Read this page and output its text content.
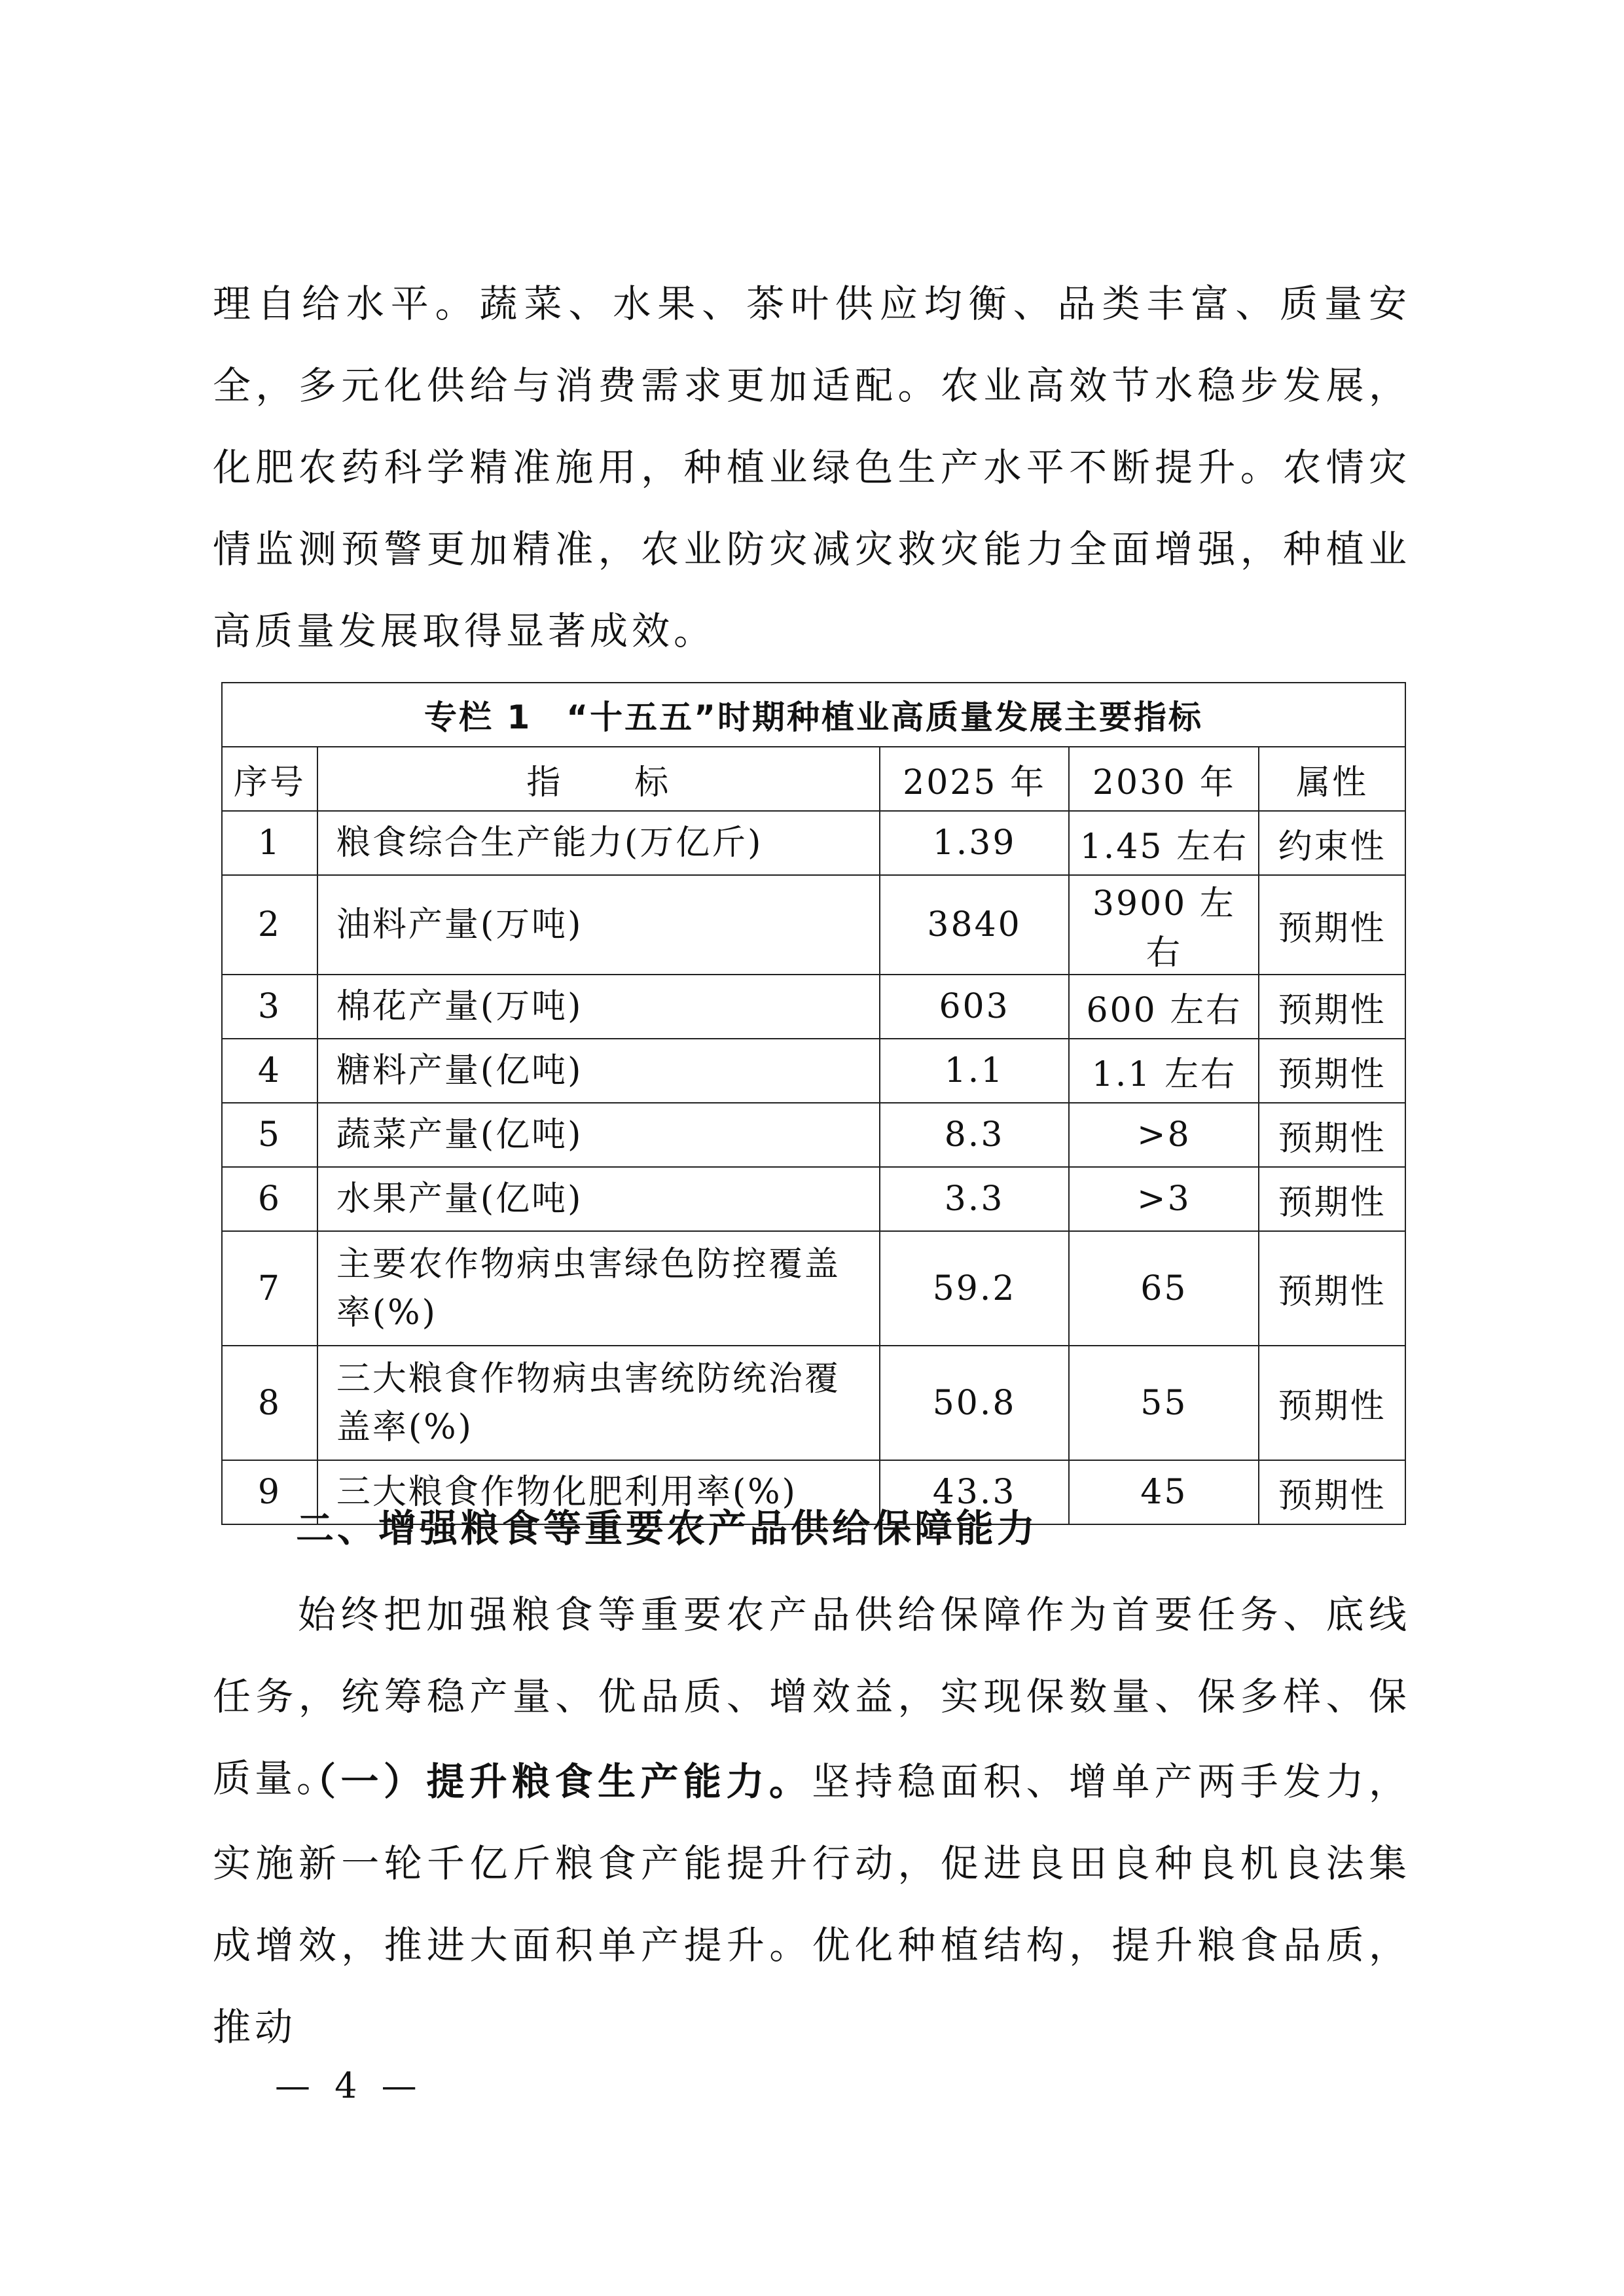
理自给水平。蔬菜、水果、茶叶供应均衡、品类丰富、质量安全，多元化供给与消费需求更加适配。农业高效节水稳步发展，化肥农药科学精准施用，种植业绿色生产水平不断提升。农情灾情监测预警更加精准，农业防灾减灾救灾能力全面增强，种植业高质量发展取得显著成效。

专栏 1　“十五五”时期种植业高质量发展主要指标				
序号	指　　标	2025 年	2030 年	属性
1	粮食综合生产能力(万亿斤)	1.39	1.45 左右	约束性
2	油料产量(万吨)	3840	3900 左右	预期性
3	棉花产量(万吨)	603	600 左右	预期性
4	糖料产量(亿吨)	1.1	1.1 左右	预期性
5	蔬菜产量(亿吨)	8.3	>8	预期性
6	水果产量(亿吨)	3.3	>3	预期性
7	主要农作物病虫害绿色防控覆盖率(%)	59.2	65	预期性
8	三大粮食作物病虫害统防统治覆盖率(%)	50.8	55	预期性
9	三大粮食作物化肥利用率(%)	43.3	45	预期性
二、增强粮食等重要农产品供给保障能力

始终把加强粮食等重要农产品供给保障作为首要任务、底线任务，统筹稳产量、优品质、增效益，实现保数量、保多样、保质量。

（一）提升粮食生产能力。坚持稳面积、增单产两手发力，实施新一轮千亿斤粮食产能提升行动，促进良田良种良机良法集成增效，推进大面积单产提升。优化种植结构，提升粮食品质，推动

— 4 —
